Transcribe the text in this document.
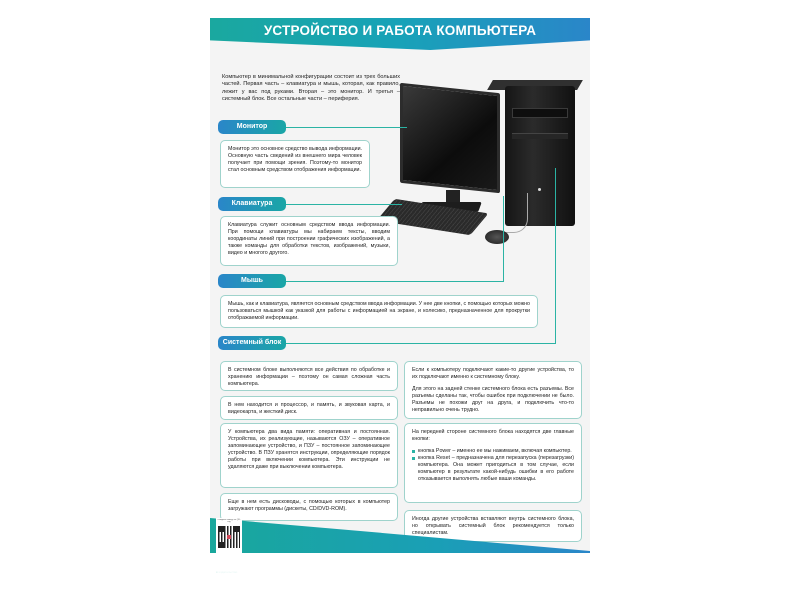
УСТРОЙСТВО И РАБОТА КОМПЬЮТЕРА
Компьютер в минимальной конфигурации состоит из трех больших частей. Первая часть – клавиатура и мышь, которая, как правило, лежит у вас под руками. Вторая – это монитор. И третья – системный блок. Все остальные части – периферия.
Монитор
Монитор это основное средство вывода информации. Основную часть сведений из внешнего мира человек получает при помощи зрения. Поэтому-то монитор стал основным средством отображения информации.
Клавиатура
Клавиатура служит основным средством ввода информации. При помощи клавиатуры мы набираем тексты, вводим координаты линий при построении графических изображений, а также команды для обработки текстов, изображений, музыки, видео и многого другого.
Мышь
Мышь, как и клавиатура, является основным средством ввода информации. У нее две кнопки, с помощью которых можно пользоваться мышкой как указкой для работы с информацией на экране, и колесико, предназначенное для прокрутки отображаемой информации.
Системный блок
В системном блоке выполняются все действия по обработке и хранению информации – поэтому он самая сложная часть компьютера.
В нем находится и процессор, и память, и звуковая карта, и видеокарта, и жесткий диск.
У компьютера два вида памяти: оперативная и постоянная. Устройства, их реализующие, называются ОЗУ – оперативное запоминающее устройство, и ПЗУ – постоянное запоминающее устройство. В ПЗУ хранятся инструкции, определяющие порядок работы при включении компьютера. Эти инструкции не удаляются даже при выключении компьютера.
Еще в нем есть дисководы, с помощью которых в компьютер загружают программы (дискеты, CD/DVD-ROM).

Если к компьютеру подключают какие-то другие устройства, то их подключают именно к системному блоку.

Для этого на задней стенке системного блока есть разъемы. Все разъемы сделаны так, чтобы ошибок при подключении не было. Разъемы не похожи друг на друга, и подключить что-то неправильно очень трудно.

На передней стороне системного блока находятся две главные кнопки:

кнопка Power – именно ее мы нажимаем, включая компьютер.
кнопка Reset – предназначена для перезапуска (перезагрузки) компьютера. Она может пригодиться в том случае, если компьютер в результате какой-нибудь ошибки в его работе отказывается выполнять любые ваши команды.
Иногда другие устройства вставляют внутрь системного блока, но открывать системный блок рекомендуется только специалистам.
наведите камеру на QR-код
■ издательство
